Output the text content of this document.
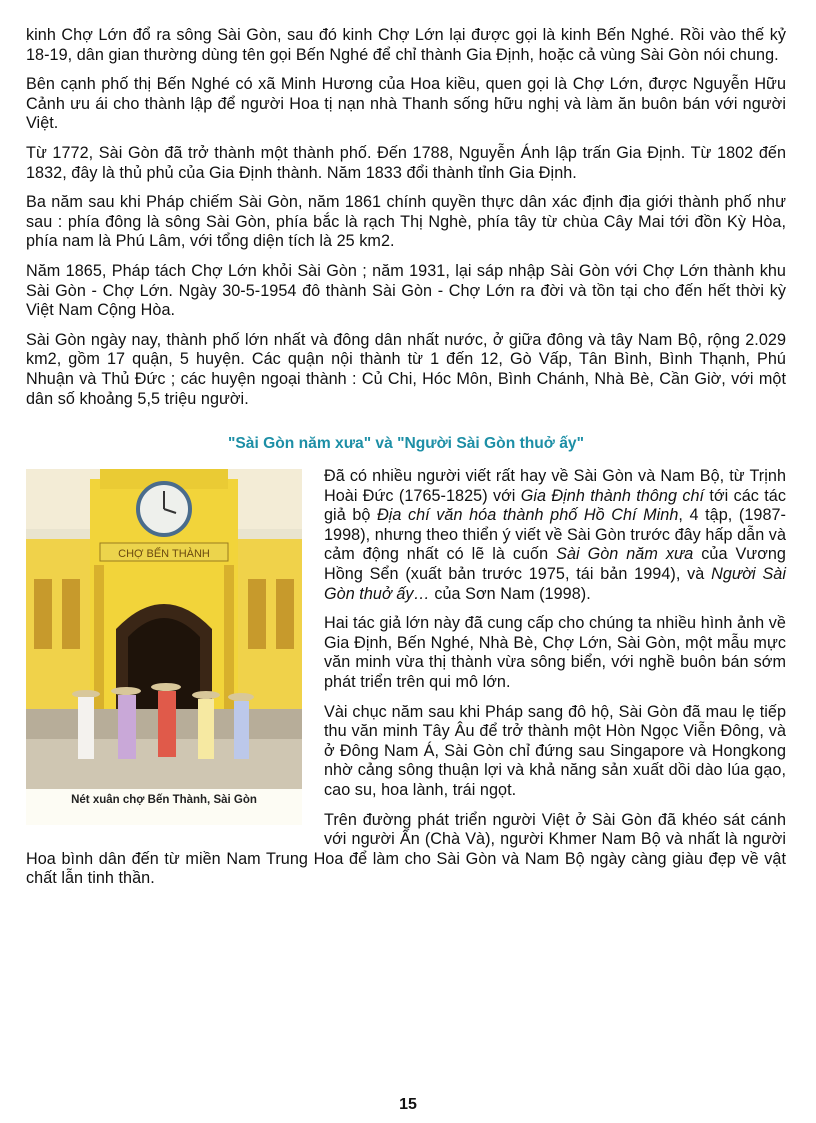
kinh Chợ Lớn đổ ra sông Sài Gòn, sau đó kinh Chợ Lớn lại được gọi là kinh Bến Nghé. Rồi vào thế kỷ 18-19, dân gian thường dùng tên gọi Bến Nghé để chỉ thành Gia Định, hoặc cả vùng Sài Gòn nói chung.

Bên cạnh phố thị Bến Nghé có xã Minh Hương của Hoa kiều, quen gọi là Chợ Lớn, được Nguyễn Hữu Cảnh ưu ái cho thành lập để người Hoa tị nạn nhà Thanh sống hữu nghị và làm ăn buôn bán với người Việt.

Từ 1772, Sài Gòn đã trở thành một thành phố. Đến 1788, Nguyễn Ánh lập trấn Gia Định. Từ 1802 đến 1832, đây là thủ phủ của Gia Định thành. Năm 1833 đổi thành tỉnh Gia Định.

Ba năm sau khi Pháp chiếm Sài Gòn, năm 1861 chính quyền thực dân xác định địa giới thành phố như sau : phía đông là sông Sài Gòn, phía bắc là rạch Thị Nghè, phía tây từ chùa Cây Mai tới đồn Kỳ Hòa, phía nam là Phú Lâm, với tổng diện tích là 25 km2.

Năm 1865, Pháp tách Chợ Lớn khỏi Sài Gòn ; năm 1931, lại sáp nhập Sài Gòn với Chợ Lớn thành khu Sài Gòn - Chợ Lớn. Ngày 30-5-1954 đô thành Sài Gòn - Chợ Lớn ra đời và tồn tại cho đến hết thời kỳ Việt Nam Cộng Hòa.

Sài Gòn ngày nay, thành phố lớn nhất và đông dân nhất nước, ở giữa đông và tây Nam Bộ, rộng 2.029 km2, gồm 17 quận, 5 huyện. Các quận nội thành từ 1 đến 12, Gò Vấp, Tân Bình, Bình Thạnh, Phú Nhuận và Thủ Đức ; các huyện ngoại thành : Củ Chi, Hóc Môn, Bình Chánh, Nhà Bè, Cần Giờ, với một dân số khoảng 5,5 triệu người.

"Sài Gòn năm xưa" và "Người Sài Gòn thuở ấy"
CHỢ BẾN THÀNH
Nét xuân chợ Bến Thành, Sài Gòn

Đã có nhiều người viết rất hay về Sài Gòn và Nam Bộ, từ Trịnh Hoài Đức (1765-1825) với Gia Định thành thông chí tới các tác giả bộ Địa chí văn hóa thành phố Hồ Chí Minh, 4 tập, (1987-1998), nhưng theo thiển ý viết về Sài Gòn trước đây hấp dẫn và cảm động nhất có lẽ là cuốn Sài Gòn năm xưa của Vương Hồng Sển (xuất bản trước 1975, tái bản 1994), và Người Sài Gòn thuở ấy… của Sơn Nam (1998).

Hai tác giả lớn này đã cung cấp cho chúng ta nhiều hình ảnh về Gia Định, Bến Nghé, Nhà Bè, Chợ Lớn, Sài Gòn, một mẫu mực văn minh vừa thị thành vừa sông biển, với nghề buôn bán sớm phát triển trên qui mô lớn.

Vài chục năm sau khi Pháp sang đô hộ, Sài Gòn đã mau lẹ tiếp thu văn minh Tây Âu để trở thành một Hòn Ngọc Viễn Đông, và ở Đông Nam Á, Sài Gòn chỉ đứng sau Singapore và Hongkong nhờ cảng sông thuận lợi và khả năng sản xuất dồi dào lúa gạo, cao su, hoa lành, trái ngọt.

Trên đường phát triển người Việt ở Sài Gòn đã khéo sát cánh với người Ấn (Chà Và), người Khmer Nam Bộ và nhất là người Hoa bình dân đến từ miền Nam Trung Hoa để làm cho Sài Gòn và Nam Bộ ngày càng giàu đẹp về vật chất lẫn tinh thần.

15
